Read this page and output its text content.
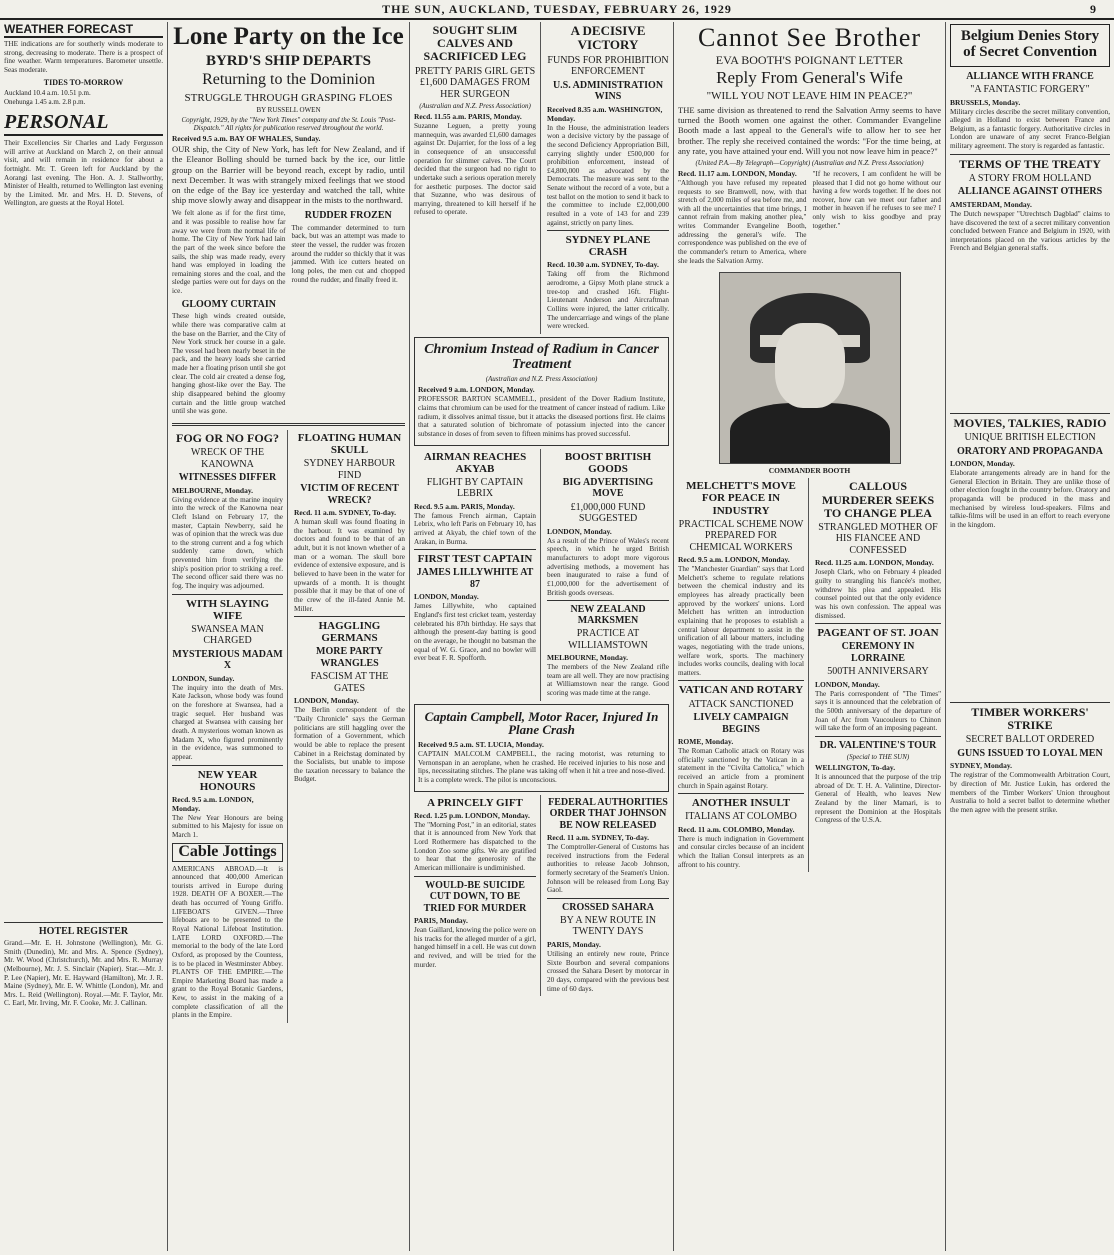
THE SUN, AUCKLAND, TUESDAY, FEBRUARY 26, 1929	9
WEATHER FORECAST
THE indications are for southerly winds moderate to strong, decreasing to moderate. There is a prospect of fine weather. Warm temperatures. Barometer unsettle. Seas moderate.
TIDES TO-MORROW
Auckland 10.4 a.m. 10.51 p.m.
Onehunga 1.45 a.m. 2.8 p.m.
PERSONAL
Their Excellencies Sir Charles and Lady Fergusson will arrive at Auckland on March 2, on their annual visit, and will remain in residence for about a fortnight. Mr. T. Green left for Auckland by the Aorangi last evening. The Hon. A. J. Stallworthy, Minister of Health, returned to Wellington last evening by the Limited. Mr. and Mrs. H. D. Stevens, of Wellington, are guests at the Royal Hotel.
HOTEL REGISTER
Grand.—Mr. E. H. Johnstone (Wellington), Mr. G. Smith (Dunedin), Mr. and Mrs. A. Spence (Sydney), Mr. W. Wood (Christchurch), Mr. and Mrs. R. Murray (Melbourne), Mr. J. S. Sinclair (Napier). Star.—Mr. J. P. Lee (Napier), Mr. E. Hayward (Hamilton), Mr. J. R. Maine (Sydney), Mr. E. W. Whittle (London), Mr. and Mrs. L. Reid (Wellington). Royal.—Mr. F. Taylor, Mr. C. Earl, Mr. Irving, Mr. F. Cooke, Mr. J. Callinan.
Lone Party on the Ice
BYRD'S SHIP DEPARTS
Returning to the Dominion
STRUGGLE THROUGH GRASPING FLOES
BY RUSSELL OWEN
Copyright, 1929, by the "New York Times" company and the St. Louis "Post-Dispatch." All rights for publication reserved throughout the world.
Received 9.5 a.m. BAY OF WHALES, Sunday.
OUR ship, the City of New York, has left for New Zealand, and if the Eleanor Bolling should be turned back by the ice, our little group on the Barrier will be beyond reach, except by radio, until next December. It was with strangely mixed feelings that we stood on the edge of the Bay ice yesterday and watched the tall, white ship move slowly away and disappear in the mists to the northward.
We felt alone as if for the first time, and it was possible to realise how far away we were from the normal life of home. The City of New York had lain the part of the week since before the sails, the ship was made ready, every hand was employed in loading the remaining stores and the coal, and the sledge parties were out for days on the ice.
GLOOMY CURTAIN
These high winds created outside, while there was comparative calm at the base on the Barrier, and the City of New York struck her course in a gale. The vessel had been nearly beset in the pack, and the heavy loads she carried made her a floating prison until she got clear. The cold air created a dense fog, hanging ghost-like over the Bay. The ship disappeared behind the gloomy curtain and the little group watched until she was gone.
RUDDER FROZEN
The commander determined to turn back, but was an attempt was made to steer the vessel, the rudder was frozen around the rudder so thickly that it was jammed. With ice cutters heated on long poles, the men cut and chopped round the rudder, and finally freed it.
FOG OR NO FOG?
WRECK OF THE KANOWNA
WITNESSES DIFFER
MELBOURNE, Monday.
Giving evidence at the marine inquiry into the wreck of the Kanowna near Cleft Island on February 17, the master, Captain Newberry, said he was of opinion that the wreck was due to the strong current and a fog which suddenly came down, which prevented him from verifying the ship's position prior to striking a reef. The second officer said there was no fog. The inquiry was adjourned.
WITH SLAYING WIFE
SWANSEA MAN CHARGED
MYSTERIOUS MADAM X
LONDON, Sunday.
The inquiry into the death of Mrs. Kate Jackson, whose body was found on the foreshore at Swansea, had a tragic sequel. Her husband was charged at Swansea with causing her death. A mysterious woman known as Madam X, who figured prominently in the evidence, was summoned to appear.
NEW YEAR HONOURS
Recd. 9.5 a.m. LONDON, Monday.
The New Year Honours are being submitted to his Majesty for issue on March 1.
Cable Jottings
AMERICANS ABROAD.—It is announced that 400,000 American tourists arrived in Europe during 1928. DEATH OF A BOXER.—The death has occurred of Young Griffo. LIFEBOATS GIVEN.—Three lifeboats are to be presented to the Royal National Lifeboat Institution. LATE LORD OXFORD.—The memorial to the body of the late Lord Oxford, as proposed by the Countess, is to be placed in Westminster Abbey. PLANTS OF THE EMPIRE.—The Empire Marketing Board has made a grant to the Royal Botanic Gardens, Kew, to assist in the making of a complete classification of all the plants in the Empire.
FLOATING HUMAN SKULL
SYDNEY HARBOUR FIND
VICTIM OF RECENT WRECK?
Recd. 11 a.m. SYDNEY, To-day.
A human skull was found floating in the harbour. It was examined by doctors and found to be that of an adult, but it is not known whether of a man or a woman. The skull bore evidence of extensive exposure, and is believed to have been in the water for upwards of a month. It is thought possible that it may be that of one of the crew of the ill-fated Annie M. Miller.
HAGGLING GERMANS
MORE PARTY WRANGLES
FASCISM AT THE GATES
LONDON, Monday.
The Berlin correspondent of the "Daily Chronicle" says the German politicians are still haggling over the formation of a Government, which would be able to replace the present Cabinet in a Reichstag dominated by the Socialists, but unable to impose the taxation necessary to balance the Budget.
SOUGHT SLIM CALVES AND SACRIFICED LEG
PRETTY PARIS GIRL GETS £1,600 DAMAGES FROM HER SURGEON
(Australian and N.Z. Press Association)
Recd. 11.55 a.m. PARIS, Monday.
Suzanne Leguen, a pretty young mannequin, was awarded £1,600 damages against Dr. Dujarrier, for the loss of a leg in consequence of an unsuccessful operation for slimmer calves. The Court decided that the surgeon had no right to undertake such a serious operation merely for aesthetic purposes. The doctor said that Suzanne, who was desirous of marrying, threatened to kill herself if he refused to operate.
A DECISIVE VICTORY
FUNDS FOR PROHIBITION ENFORCEMENT
U.S. ADMINISTRATION WINS
Received 8.35 a.m. WASHINGTON, Monday.
In the House, the administration leaders won a decisive victory by the passage of the second Deficiency Appropriation Bill, carrying slightly under £500,000 for prohibition enforcement, instead of £4,800,000 as advocated by the Democrats. The measure was sent to the Senate without the record of a vote, but a test ballot on the motion to send it back to the committee to include £2,000,000 resulted in a vote of 143 for and 239 against, strictly on party lines.
SYDNEY PLANE CRASH
Recd. 10.30 a.m. SYDNEY, To-day.
Taking off from the Richmond aerodrome, a Gipsy Moth plane struck a tree-top and crashed 16ft. Flight-Lieutenant Anderson and Aircraftman Collins were injured, the latter critically. The undercarriage and wings of the plane were wrecked.
Chromium Instead of Radium in Cancer Treatment
(Australian and N.Z. Press Association)
Received 9 a.m. LONDON, Monday.
PROFESSOR BARTON SCAMMELL, president of the Dover Radium Institute, claims that chromium can be used for the treatment of cancer instead of radium. Like radium, it dissolves animal tissue, but it attacks the diseased portions first. He claims that a saturated solution of bichromate of potassium injected into the cancer substance in doses of from seven to fifteen minims has proved successful.
AIRMAN REACHES AKYAB
FLIGHT BY CAPTAIN LEBRIX
Recd. 9.5 a.m. PARIS, Monday.
The famous French airman, Captain Lebrix, who left Paris on February 10, has arrived at Akyab, the chief town of the Arakan, in Burma.
FIRST TEST CAPTAIN
JAMES LILLYWHITE AT 87
LONDON, Monday.
James Lillywhite, who captained England's first test cricket team, yesterday celebrated his 87th birthday. He says that although the present-day batting is good on the average, he thought no batsman the equal of W. G. Grace, and no bowler will ever beat F. R. Spofforth.
BOOST BRITISH GOODS
BIG ADVERTISING MOVE
£1,000,000 FUND SUGGESTED
LONDON, Monday.
As a result of the Prince of Wales's recent speech, in which he urged British manufacturers to adopt more vigorous advertising methods, a movement has been inaugurated to raise a fund of £1,000,000 for the advertisement of British goods overseas.
NEW ZEALAND MARKSMEN
PRACTICE AT WILLIAMSTOWN
MELBOURNE, Monday.
The members of the New Zealand rifle team are all well. They are now practising at Williamstown near the range. Good scoring was made time at the range.
Captain Campbell, Motor Racer, Injured In Plane Crash
Received 9.5 a.m. ST. LUCIA, Monday.
CAPTAIN MALCOLM CAMPBELL, the racing motorist, was returning to Vernonspan in an aeroplane, when he crashed. He received injuries to his nose and lips, necessitating stitches. The plane was taking off when it hit a tree and nose-dived. It is a complete wreck. The pilot is unconscious.
A PRINCELY GIFT
Recd. 1.25 p.m. LONDON, Monday.
The "Morning Post," in an editorial, states that it is announced from New York that Lord Rothermere has dispatched to the London Zoo some gifts. We are gratified to hear that the generosity of the American millionaire is undiminished.
WOULD-BE SUICIDE CUT DOWN, TO BE TRIED FOR MURDER
PARIS, Monday.
Jean Gaillard, knowing the police were on his tracks for the alleged murder of a girl, hanged himself in a cell. He was cut down and revived, and will be tried for the murder.
FEDERAL AUTHORITIES ORDER THAT JOHNSON BE NOW RELEASED
Recd. 11 a.m. SYDNEY, To-day.
The Comptroller-General of Customs has received instructions from the Federal authorities to release Jacob Johnson, formerly secretary of the Seamen's Union. Johnson will be released from Long Bay Gaol.
CROSSED SAHARA
BY A NEW ROUTE IN TWENTY DAYS
PARIS, Monday.
Utilising an entirely new route, Prince Sixte Bourbon and several companions crossed the Sahara Desert by motorcar in 20 days, compared with the previous best time of 60 days.
Cannot See Brother
EVA BOOTH'S POIGNANT LETTER
Reply From General's Wife
"WILL YOU NOT LEAVE HIM IN PEACE?"
THE same division as threatened to rend the Salvation Army seems to have turned the Booth women one against the other. Commander Evangeline Booth made a last appeal to the General's wife to allow her to see her brother. The reply she received contained the words: "For the time being, at any rate, you have attained your end. Will you not now leave him in peace?"
(United P.A.—By Telegraph—Copyright) (Australian and N.Z. Press Association)
Recd. 11.17 a.m. LONDON, Monday.
"Although you have refused my repeated requests to see Bramwell, now, with that stretch of 2,000 miles of sea before me, and with all the uncertainties that time brings, I cannot refrain from making another plea," writes Commander Evangeline Booth, addressing the general's wife. The correspondence was published on the eve of the commander's return to America, where she leads the Salvation Army.
"If he recovers, I am confident he will be pleased that I did not go home without our having a few words together. If he does not recover, how can we meet our father and mother in heaven if he refuses to see me? I only wish to kiss goodbye and pray together."
COMMANDER BOOTH
MELCHETT'S MOVE FOR PEACE IN INDUSTRY
PRACTICAL SCHEME NOW PREPARED FOR CHEMICAL WORKERS
Recd. 9.5 a.m. LONDON, Monday.
The "Manchester Guardian" says that Lord Melchett's scheme to regulate relations between the chemical industry and its employees has already practically been approved by the workers' unions. Lord Melchett has written an introduction explaining that he proposes to establish a central labour department to assist in the unification of all labour matters, including wages, negotiating with the trade unions, welfare work, sports. The machinery includes works councils, dealing with local matters.
VATICAN AND ROTARY
ATTACK SANCTIONED
LIVELY CAMPAIGN BEGINS
ROME, Monday.
The Roman Catholic attack on Rotary was officially sanctioned by the Vatican in a statement in the "Civilta Cattolica," which received an article from a prominent church in Spain against Rotary.
ANOTHER INSULT
ITALIANS AT COLOMBO
Recd. 11 a.m. COLOMBO, Monday.
There is much indignation in Government and consular circles because of an incident which the Italian Consul interprets as an affront to his country.
CALLOUS MURDERER SEEKS TO CHANGE PLEA
STRANGLED MOTHER OF HIS FIANCEE AND CONFESSED
Recd. 11.25 a.m. LONDON, Monday.
Joseph Clark, who on February 4 pleaded guilty to strangling his fiancée's mother, withdrew his plea and appealed. His counsel pointed out that the only evidence was his own confession. The appeal was dismissed.
PAGEANT OF ST. JOAN
CEREMONY IN LORRAINE
500TH ANNIVERSARY
LONDON, Monday.
The Paris correspondent of "The Times" says it is announced that the celebration of the 500th anniversary of the departure of Joan of Arc from Vaucouleurs to Chinon will take the form of an imposing pageant.
DR. VALENTINE'S TOUR
(Special to THE SUN)
WELLINGTON, To-day.
It is announced that the purpose of the trip abroad of Dr. T. H. A. Valintine, Director-General of Health, who leaves New Zealand by the liner Mamari, is to represent the Dominion at the Hospitals Congress of the U.S.A.
Belgium Denies Story of Secret Convention
ALLIANCE WITH FRANCE
"A FANTASTIC FORGERY"
BRUSSELS, Monday.
Military circles describe the secret military convention, alleged in Holland to exist between France and Belgium, as a fantastic forgery. Authoritative circles in London are unaware of any secret Franco-Belgian military agreement. The story is regarded as fantastic.
TERMS OF THE TREATY
A STORY FROM HOLLAND
ALLIANCE AGAINST OTHERS
AMSTERDAM, Monday.
The Dutch newspaper "Utrechtsch Dagblad" claims to have discovered the text of a secret military convention concluded between France and Belgium in 1920, with interpretations placed on the various articles by the French and Belgian general staffs.
MOVIES, TALKIES, RADIO
UNIQUE BRITISH ELECTION
ORATORY AND PROPAGANDA
LONDON, Monday.
Elaborate arrangements already are in hand for the General Election in Britain. They are unlike those of other election fought in the country before. Oratory and propaganda will be produced in the mass and mechanised by wireless loud-speakers. Films and talkie-films will be used in an effort to reach everyone in the kingdom.
TIMBER WORKERS' STRIKE
SECRET BALLOT ORDERED
GUNS ISSUED TO LOYAL MEN
SYDNEY, Monday.
The registrar of the Commonwealth Arbitration Court, by direction of Mr. Justice Lukin, has ordered the members of the Timber Workers' Union throughout Australia to hold a secret ballot to determine whether the men agree with the present strike.
